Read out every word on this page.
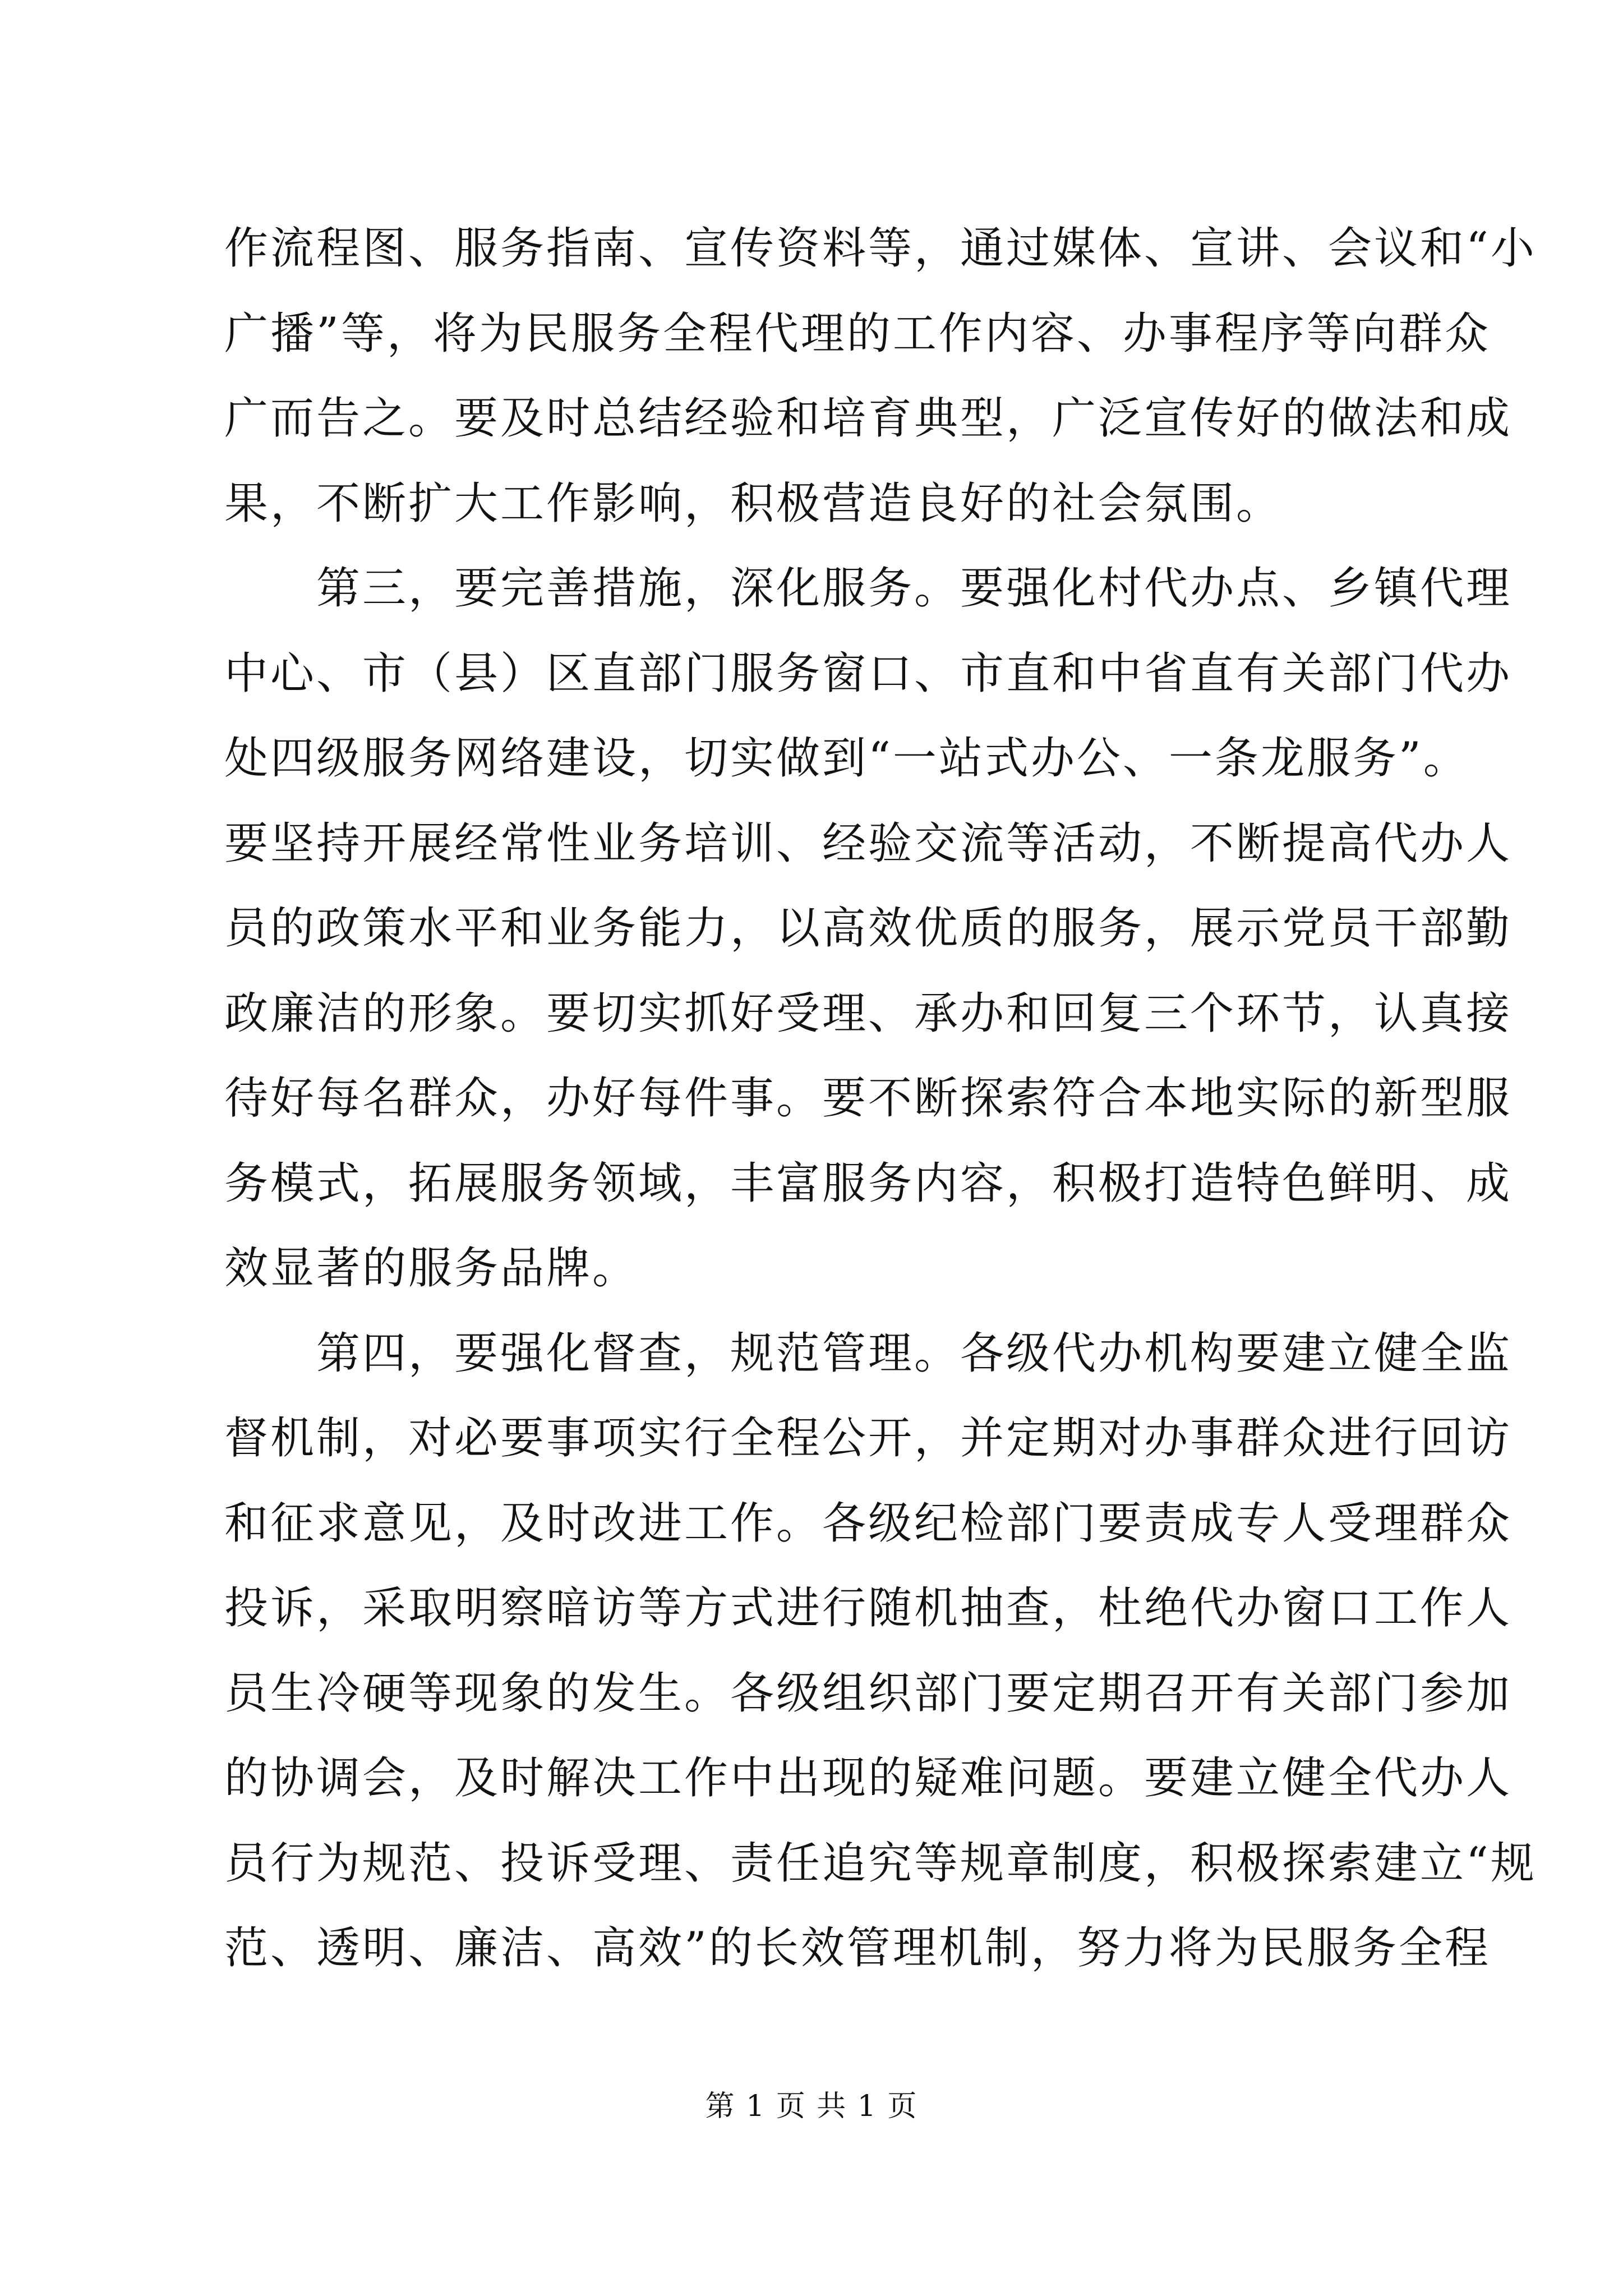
作流程图、服务指南、宣传资料等，通过媒体、宣讲、会议和“小
广播”等，将为民服务全程代理的工作内容、办事程序等向群众
广而告之。要及时总结经验和培育典型，广泛宣传好的做法和成
果，不断扩大工作影响，积极营造良好的社会氛围。
　　第三，要完善措施，深化服务。要强化村代办点、乡镇代理
中心、市（县）区直部门服务窗口、市直和中省直有关部门代办
处四级服务网络建设，切实做到“一站式办公、一条龙服务”。
要坚持开展经常性业务培训、经验交流等活动，不断提高代办人
员的政策水平和业务能力，以高效优质的服务，展示党员干部勤
政廉洁的形象。要切实抓好受理、承办和回复三个环节，认真接
待好每名群众，办好每件事。要不断探索符合本地实际的新型服
务模式，拓展服务领域，丰富服务内容，积极打造特色鲜明、成
效显著的服务品牌。
　　第四，要强化督查，规范管理。各级代办机构要建立健全监
督机制，对必要事项实行全程公开，并定期对办事群众进行回访
和征求意见，及时改进工作。各级纪检部门要责成专人受理群众
投诉，采取明察暗访等方式进行随机抽查，杜绝代办窗口工作人
员生冷硬等现象的发生。各级组织部门要定期召开有关部门参加
的协调会，及时解决工作中出现的疑难问题。要建立健全代办人
员行为规范、投诉受理、责任追究等规章制度，积极探索建立“规
范、透明、廉洁、高效”的长效管理机制，努力将为民服务全程
第 1 页 共 1 页
